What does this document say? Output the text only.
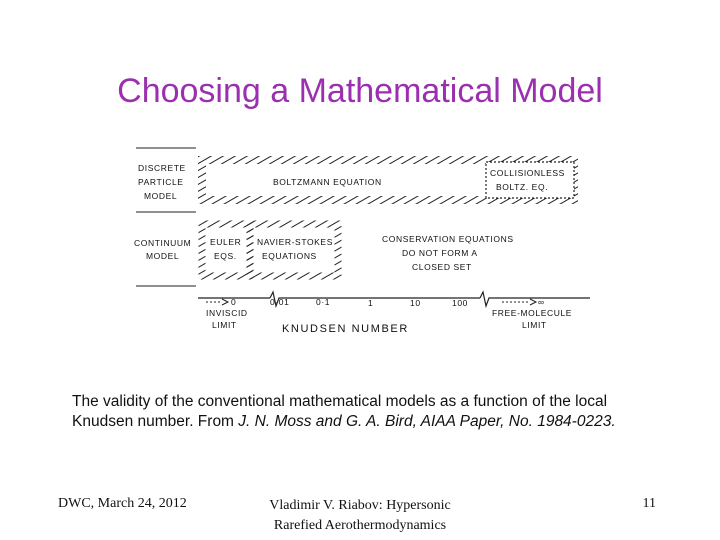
Choosing a Mathematical Model
DISCRETE
PARTICLE
MODEL
CONTINUUM
MODEL
BOLTZMANN EQUATION
COLLISIONLESS
BOLTZ. EQ.
EULER
EQS.
NAVIER-STOKES
EQUATIONS
CONSERVATION EQUATIONS
DO NOT FORM A
CLOSED SET
0	0·01	0·1	1	10	100	∞
INVISCID
LIMIT
FREE-MOLECULE
LIMIT
KNUDSEN NUMBER
The validity of the conventional mathematical models as a function of the local
Knudsen number. From J. N. Moss and G. A. Bird, AIAA Paper, No. 1984-0223.
DWC, March 24, 2012	Vladimir V. Riabov: Hypersonic
Rarefied Aerothermodynamics
11
